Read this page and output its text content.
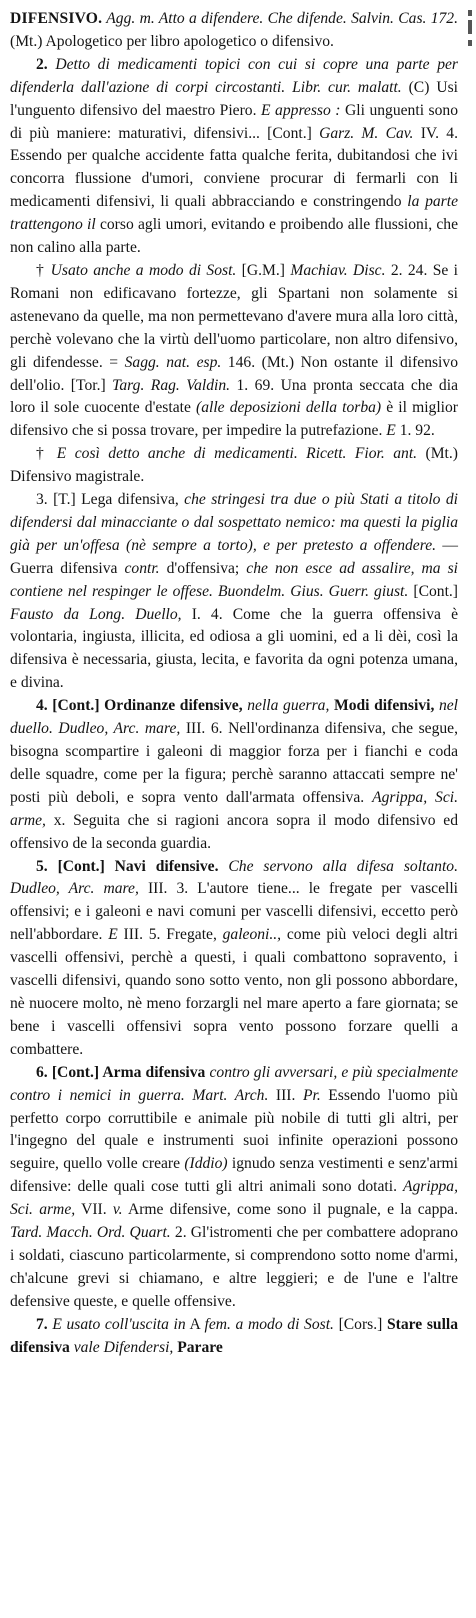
DIFENSIVO. Agg. m. Atto a difendere. Che difende. Salvin. Cas. 172. (Mt.) Apologetico per libro apologetico o difensivo.

2. Detto di medicamenti topici con cui si copre una parte per difenderla dall'azione di corpi circostanti. Libr. cur. malatt. (C) Usi l'unguento difensivo del maestro Piero. E appresso : Gli unguenti sono di più maniere: maturativi, difensivi... [Cont.] Garz. M. Cav. IV. 4. Essendo per qualche accidente fatta qualche ferita, dubitandosi che ivi concorra flussione d'umori, conviene procurar di fermarli con li medicamenti difensivi, li quali abbracciando e constringendo la parte trattengono il corso agli umori, evitando e proibendo alle flussioni, che non calino alla parte.

† Usato anche a modo di Sost. [G.M.] Machiav. Disc. 2. 24. Se i Romani non edificavano fortezze, gli Spartani non solamente si astenevano da quelle, ma non permettevano d'avere mura alla loro città, perchè volevano che la virtù dell'uomo particolare, non altro difensivo, gli difendesse. = Sagg. nat. esp. 146. (Mt.) Non ostante il difensivo dell'olio. [Tor.] Targ. Rag. Valdin. 1. 69. Una pronta seccata che dia loro il sole cuocente d'estate (alle deposizioni della torba) è il miglior difensivo che si possa trovare, per impedire la putrefazione. E 1. 92.

† E così detto anche di medicamenti. Ricett. Fior. ant. (Mt.) Difensivo magistrale.

3. [T.] Lega difensiva, che stringesi tra due o più Stati a titolo di difendersi dal minacciante o dal sospettato nemico: ma questi la piglia già per un'offesa (nè sempre a torto), e per pretesto a offendere. — Guerra difensiva contr. d'offensiva; che non esce ad assalire, ma si contiene nel respinger le offese. Buondelm. Gius. Guerr. giust. [Cont.] Fausto da Long. Duello, I. 4. Come che la guerra offensiva è volontaria, ingiusta, illicita, ed odiosa a gli uomini, ed a li dèi, così la difensiva è necessaria, giusta, lecita, e favorita da ogni potenza umana, e divina.

4. [Cont.] Ordinanze difensive, nella guerra, Modi difensivi, nel duello. Dudleo, Arc. mare, III. 6. Nell'ordinanza difensiva, che segue, bisogna scompartire i galeoni di maggior forza per i fianchi e coda delle squadre, come per la figura; perchè saranno attaccati sempre ne' posti più deboli, e sopra vento dall'armata offensiva. Agrippa, Sci. arme, x. Seguita che si ragioni ancora sopra il modo difensivo ed offensivo de la seconda guardia.

5. [Cont.] Navi difensive. Che servono alla difesa soltanto. Dudleo, Arc. mare, III. 3. L'autore tiene... le fregate per vascelli offensivi; e i galeoni e navi comuni per vascelli difensivi, eccetto però nell'abbordare. E III. 5. Fregate, galeoni.., come più veloci degli altri vascelli offensivi, perchè a questi, i quali combattono sopravento, i vascelli difensivi, quando sono sotto vento, non gli possono abbordare, nè nuocere molto, nè meno forzargli nel mare aperto a fare giornata; se bene i vascelli offensivi sopra vento possono forzare quelli a combattere.

6. [Cont.] Arma difensiva contro gli avversari, e più specialmente contro i nemici in guerra. Mart. Arch. III. Pr. Essendo l'uomo più perfetto corpo corruttibile e animale più nobile di tutti gli altri, per l'ingegno del quale e instrumenti suoi infinite operazioni possono seguire, quello volle creare (Iddio) ignudo senza vestimenti e senz'armi difensive: delle quali cose tutti gli altri animali sono dotati. Agrippa, Sci. arme, VII. v. Arme difensive, come sono il pugnale, e la cappa. Tard. Macch. Ord. Quart. 2. Gl'istromenti che per combattere adoprano i soldati, ciascuno particolarmente, si comprendono sotto nome d'armi, ch'alcune grevi si chiamano, e altre leggieri; e de l'une e l'altre defensive queste, e quelle offensive.

7. E usato coll'uscita in A fem. a modo di Sost. [Cors.] Stare sulla difensiva vale Difendersi, Parare
